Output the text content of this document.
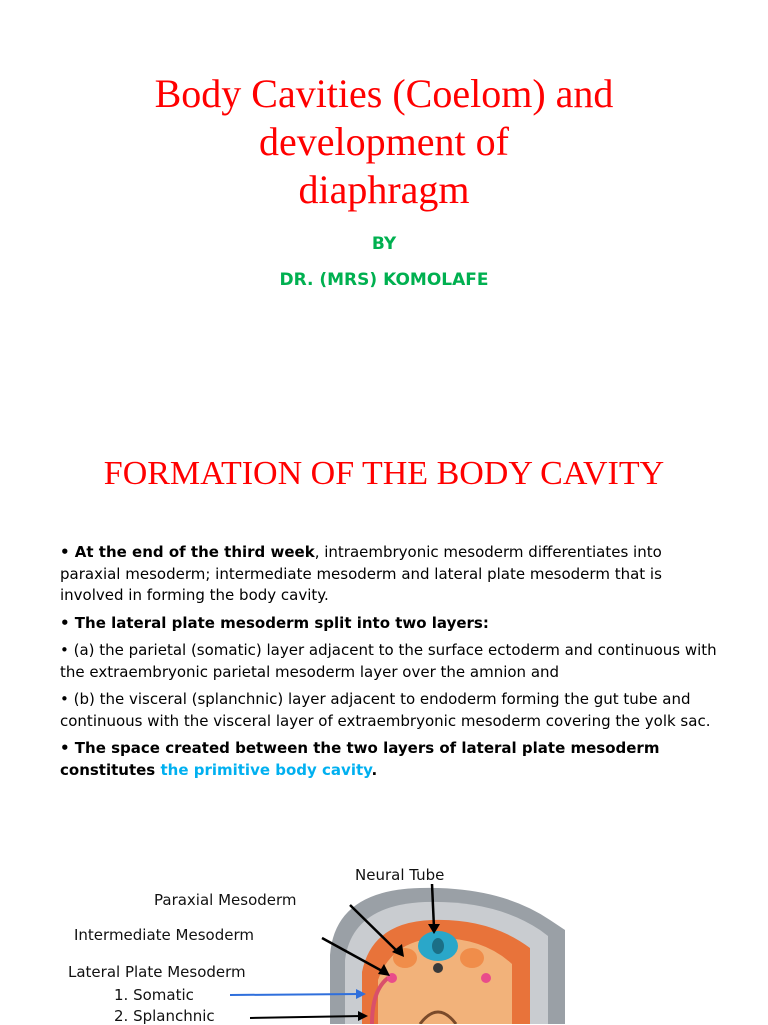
Body Cavities (Coelom) and
development of
diaphragm
BY
DR. (MRS) KOMOLAFE
FORMATION OF THE BODY CAVITY

• At the end of the third week, intraembryonic mesoderm differentiates into paraxial mesoderm; intermediate mesoderm and lateral plate mesoderm that is involved in forming the body cavity.

• The lateral plate mesoderm split into two layers:

• (a) the parietal (somatic) layer adjacent to the surface ectoderm and continuous with the extraembryonic parietal mesoderm layer over the amnion and

• (b) the visceral (splanchnic) layer adjacent to endoderm forming the gut tube and continuous with the visceral layer of extraembryonic mesoderm covering the yolk sac.

• The space created between the two layers of lateral plate mesoderm constitutes the primitive body cavity.

Neural Tube
Paraxial Mesoderm
Intermediate Mesoderm
Lateral Plate Mesoderm
1. Somatic
2. Splanchnic
